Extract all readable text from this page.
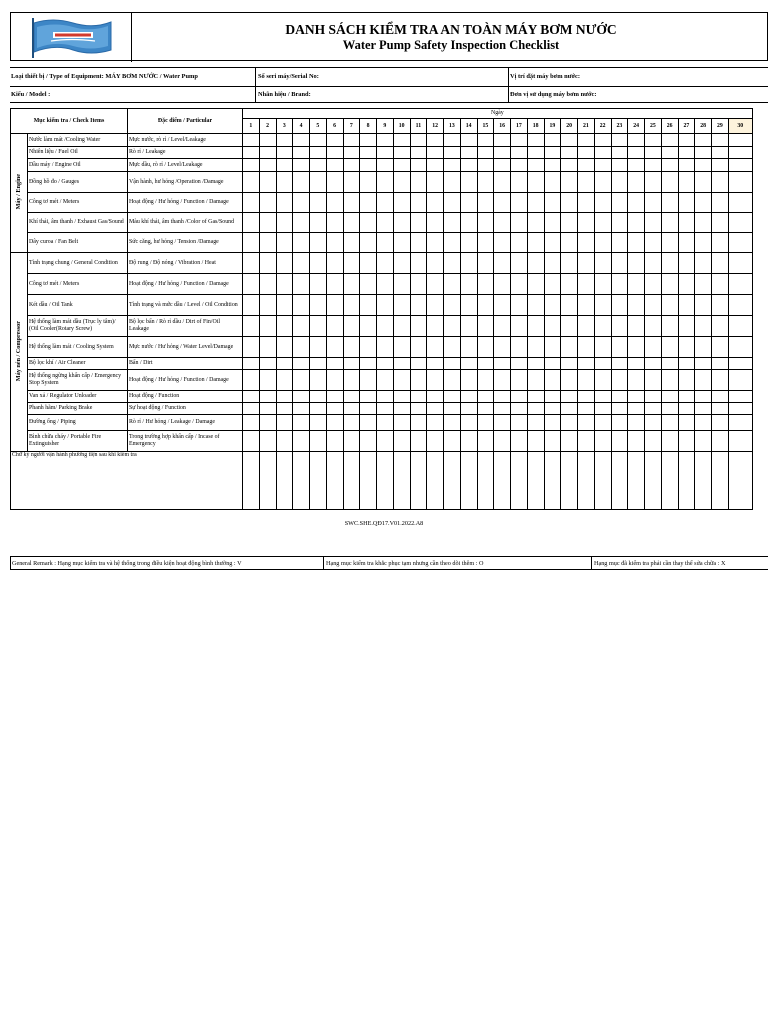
DANH SÁCH KIỂM TRA AN TOÀN MÁY BƠM NƯỚC
Water Pump Safety Inspection Checklist
Loại thiết bị / Type of Equipment: MÁY BƠM NƯỚC / Water Pump	Số seri máy/Serial No:	Vị trí đặt máy bơm nước:
Kiểu / Model :	Nhãn hiệu / Brand:	Đơn vị sử dụng máy bơm nước:
Mục kiểm tra / Check Items		Đặc điểm / Particular	Ngày																													
			1	2	3	4	5	6	7	8	9	10	11	12	13	14	15	16	17	18	19	20	21	22	23	24	25	26	27	28	29	30
Máy / Engine	Nước làm mát /Cooling Water	Mực nước, rò rỉ / Level/Leakage																														
	Nhiên liệu / Fuel Oil	Rò rỉ / Leakage																														
	Dầu máy / Engine Oil	Mực dầu, rò rỉ / Level/Leakage																														
	Đồng hồ đo / Gauges	Vận hành, hư hỏng /Operation /Damage																														
	Công tơ mét / Meters	Hoạt động / Hư hỏng / Function / Damage																														
	Khí thải, âm thanh / Exhaust Gas/Sound	Màu khí thải, âm thanh /Color of Gas/Sound																														
	Dây curoa / Fan Belt	Sức căng, hư hỏng / Tension /Damage																														
Máy nén / Compressor	Tình trạng chung / General Condition	Độ rung / Độ nóng / Vibration / Heat																														
	Công tơ mét / Meters	Hoạt động / Hư hỏng / Function / Damage																														
	Két dầu / Oil Tank	Tình trạng và mức dầu / Level / Oil Condition																														
	Hệ thống làm mát dầu (Trục ly tâm)/ (Oil Cooler(Rotary Screw)	Bộ lọc bẩn / Rò rỉ dầu / Dirt of Fin/Oil Leakage																														
	Hệ thống làm mát / Cooling System	Mực nước / Hư hỏng / Water Level/Damage																														
	Bộ lọc khí / Air Cleaner	Bẩn / Dirt																														
	Hệ thống ngừng khẩn cấp / Emergency Stop System	Hoạt động / Hư hỏng / Function / Damage																														
	Van xả / Regulator Unloader	Hoạt động / Function																														
	Phanh hãm/ Parking Brake	Sự hoạt động / Function																														
	Đường ống / Piping	Rò rỉ / Hư hỏng / Leakage / Damage																														
	Bình chữa cháy / Portable Fire Extinguisher	Trong trường hợp khẩn cấp / Incase of Emergency																														
Chữ ký người vận hành phương tiện sau khi kiểm tra																																
SWC.SHE.QĐ17.V01.2022.A8
General Remark : Hạng mục kiểm tra và hệ thống trong điều kiện hoạt động bình thường : V	Hạng mục kiểm tra khắc phục tạm nhưng cần theo dõi thêm : O	Hạng mục đã kiểm tra phải cần thay thế sửa chữa : X
